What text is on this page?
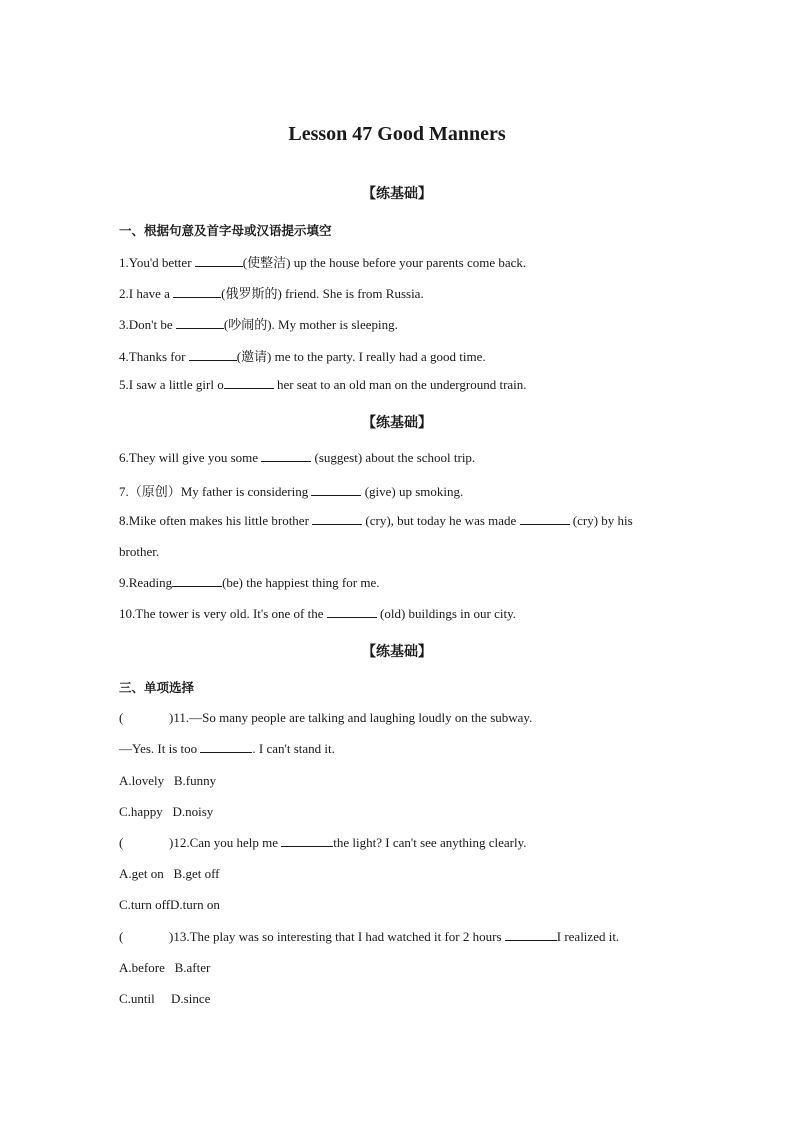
Lesson 47 Good Manners
【练基础】
一、根据句意及首字母或汉语提示填空
1.You'd better	(使整洁) up the house before your parents come back.
2.I have a	(俄罗斯的) friend. She is from Russia.
3.Don't be	(吵闹的). My mother is sleeping.
4.Thanks for	(邀请) me to the party. I really had a good time.
5.I saw a little girl o	her seat to an old man on the underground train.
【练基础】
6.They will give you some	(suggest) about the school trip.
7.（原创）My father is considering	(give) up smoking.
8.Mike often makes his little brother	(cry), but today he was made	(cry) by his
brother.
9.Reading	(be) the happiest thing for me.
10.The tower is very old. It's one of the	(old) buildings in our city.
【练基础】
三、单项选择
(	)11.—So many people are talking and laughing loudly on the subway.
—Yes. It is too	. I can't stand it.
A.lovely   B.funny
C.happy   D.noisy
(	)12.Can you help me	the light? I can't see anything clearly.
A.get on   B.get off
C.turn offD.turn on
(	)13.The play was so interesting that I had watched it for 2 hours	I realized it.
A.before   B.after
C.until     D.since
